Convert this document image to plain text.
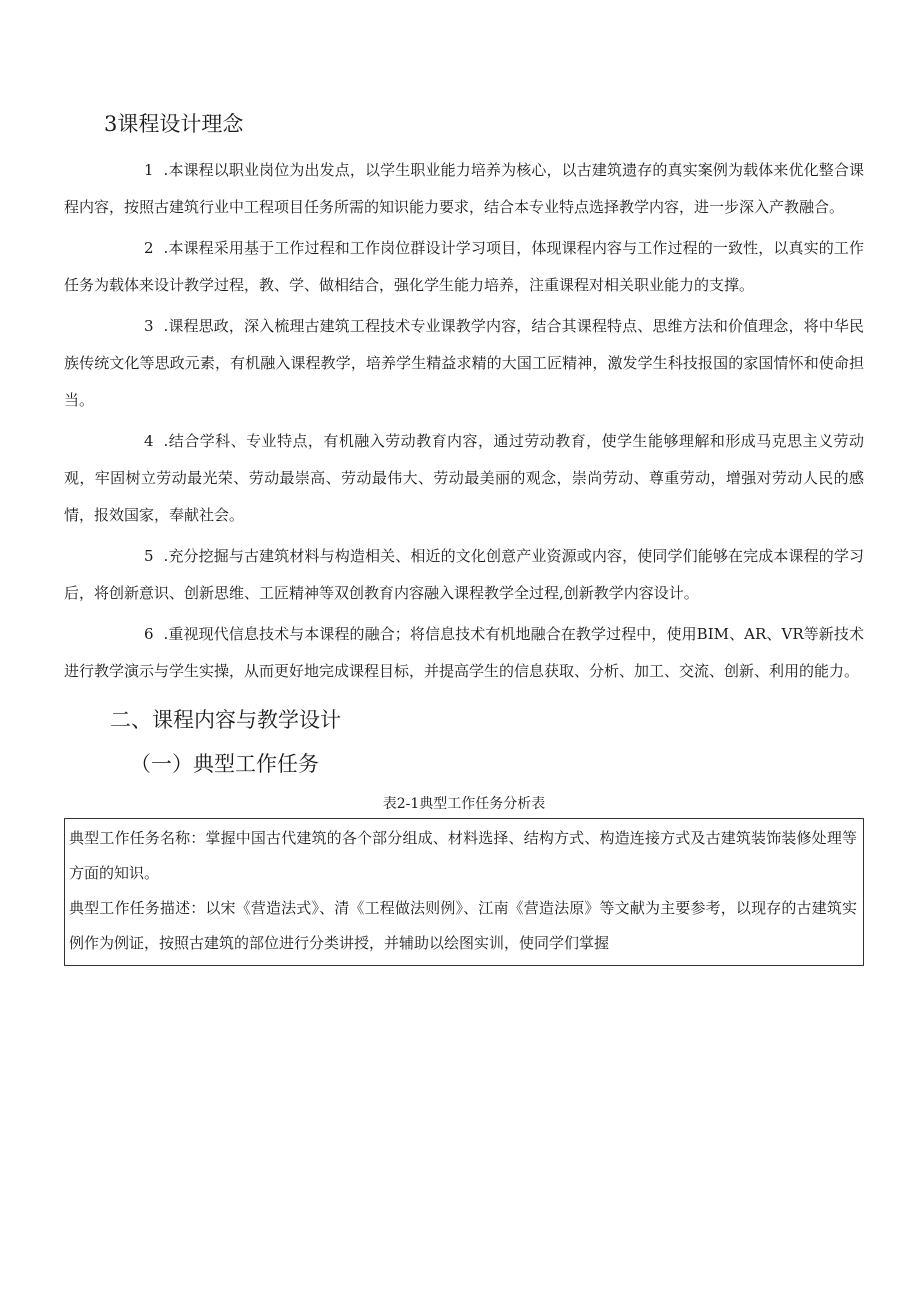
3课程设计理念

1 .本课程以职业岗位为出发点，以学生职业能力培养为核心，以古建筑遗存的真实案例为载体来优化整合课程内容，按照古建筑行业中工程项目任务所需的知识能力要求，结合本专业特点选择教学内容，进一步深入产教融合。

2 .本课程采用基于工作过程和工作岗位群设计学习项目，体现课程内容与工作过程的一致性，以真实的工作任务为载体来设计教学过程，教、学、做相结合，强化学生能力培养，注重课程对相关职业能力的支撑。

3 .课程思政，深入梳理古建筑工程技术专业课教学内容，结合其课程特点、思维方法和价值理念，将中华民族传统文化等思政元素，有机融入课程教学，培养学生精益求精的大国工匠精神，激发学生科技报国的家国情怀和使命担当。

4 .结合学科、专业特点，有机融入劳动教育内容，通过劳动教育，使学生能够理解和形成马克思主义劳动观，牢固树立劳动最光荣、劳动最崇高、劳动最伟大、劳动最美丽的观念，崇尚劳动、尊重劳动，增强对劳动人民的感情，报效国家，奉献社会。

5 .充分挖掘与古建筑材料与构造相关、相近的文化创意产业资源或内容，使同学们能够在完成本课程的学习后，将创新意识、创新思维、工匠精神等双创教育内容融入课程教学全过程,创新教学内容设计。

6 .重视现代信息技术与本课程的融合；将信息技术有机地融合在教学过程中，使用BIM、AR、VR等新技术进行教学演示与学生实操，从而更好地完成课程目标，并提高学生的信息获取、分析、加工、交流、创新、利用的能力。

二、课程内容与教学设计
（一）典型工作任务
表2-1典型工作任务分析表

典型工作任务名称：掌握中国古代建筑的各个部分组成、材料选择、结构方式、构造连接方式及古建筑装饰装修处理等方面的知识。

典型工作任务描述：以宋《营造法式》、清《工程做法则例》、江南《营造法原》等文献为主要参考，以现存的古建筑实例作为例证，按照古建筑的部位进行分类讲授，并辅助以绘图实训，使同学们掌握
